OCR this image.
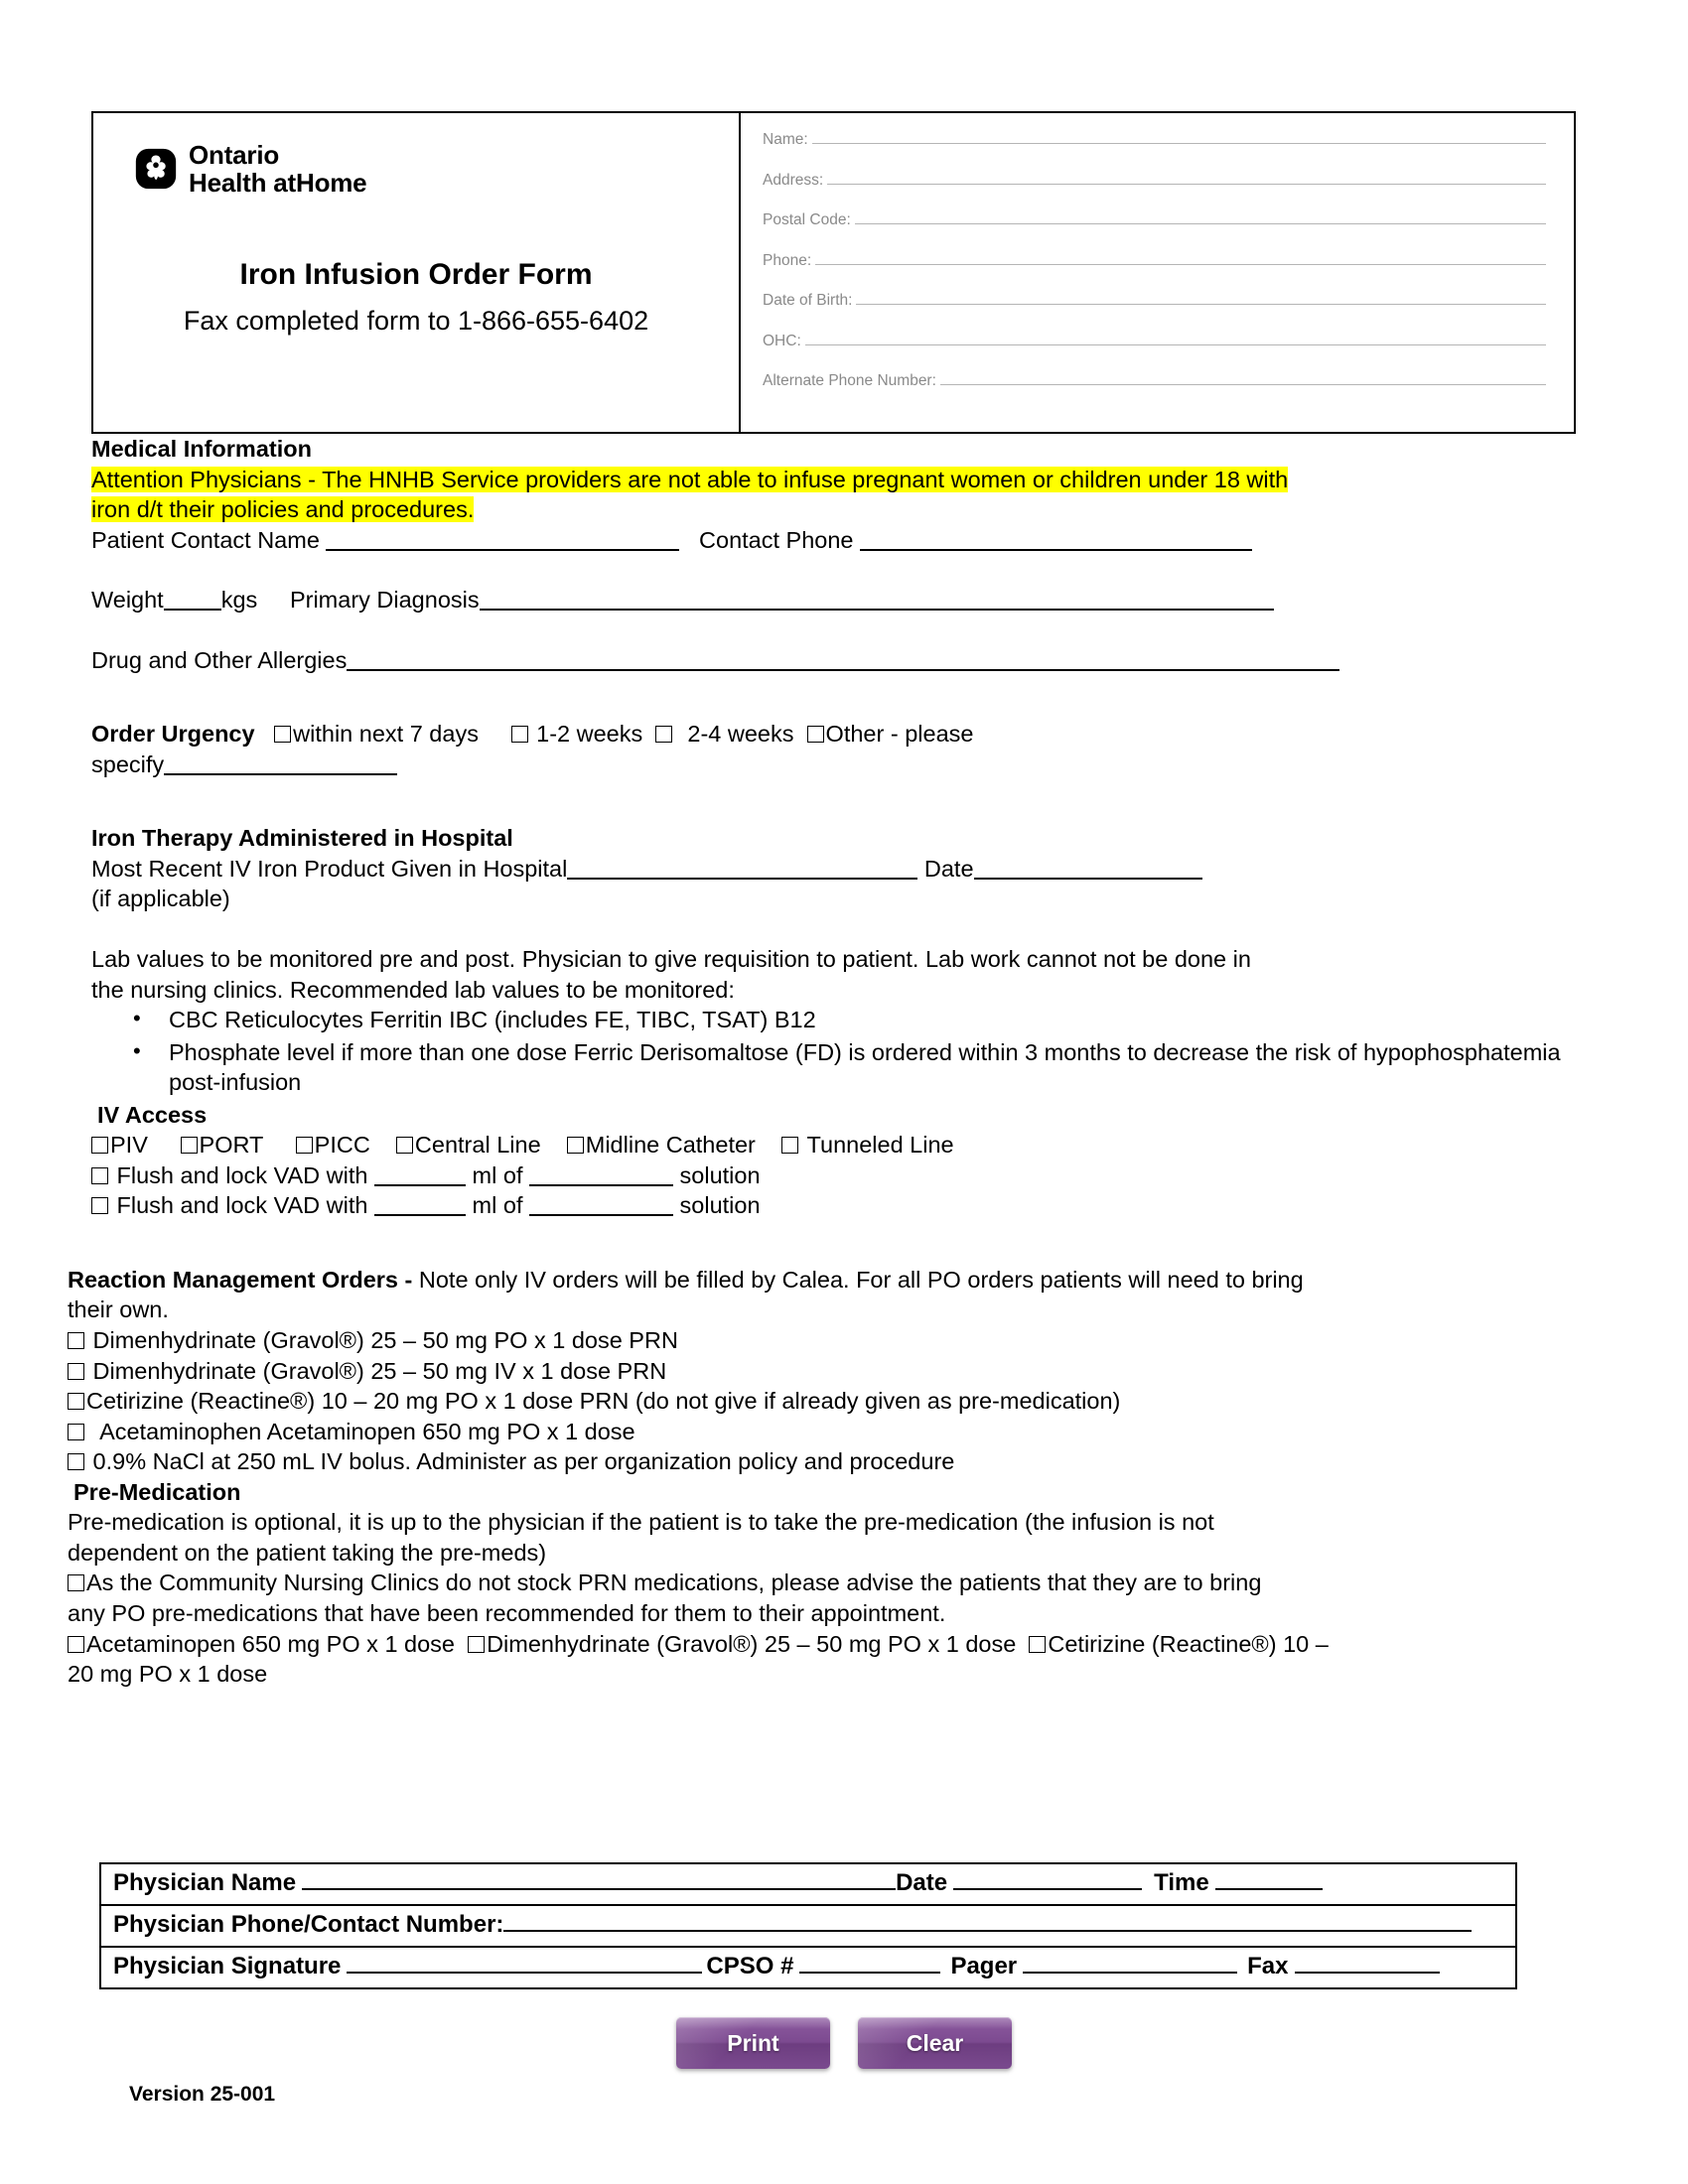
Ontario
Health atHome
Iron Infusion Order Form
Fax completed form to 1-866-655-6402
Name:
Address:
Postal Code:
Phone:
Date of Birth:
OHC:
Alternate Phone Number:
Medical Information
Attention Physicians - The HNHB Service providers are not able to infuse pregnant women or children under 18 with
iron d/t their policies and procedures.
Patient Contact Name	Contact Phone
Weight kgs Primary Diagnosis
Drug and Other Allergies
Order Urgency within next 7 days 1-2 weeks 2-4 weeks Other - please
specify
Iron Therapy Administered in Hospital
Most Recent IV Iron Product Given in Hospital	Date
(if applicable)
Lab values to be monitored pre and post. Physician to give requisition to patient. Lab work cannot not be done in
the nursing clinics. Recommended lab values to be monitored:
• CBC Reticulocytes Ferritin IBC (includes FE, TIBC, TSAT) B12
• Phosphate level if more than one dose Ferric Derisomaltose (FD) is ordered within 3 months to decrease the risk of hypophosphatemia post-infusion
IV Access
PIV PORT PICC Central Line Midline Catheter Tunneled Line
Flush and lock VAD with	ml of	solution
Flush and lock VAD with	ml of	solution
Reaction Management Orders - Note only IV orders will be filled by Calea. For all PO orders patients will need to bring
their own.
Dimenhydrinate (Gravol®) 25 – 50 mg PO x 1 dose PRN
Dimenhydrinate (Gravol®) 25 – 50 mg IV x 1 dose PRN
Cetirizine (Reactine®) 10 – 20 mg PO x 1 dose PRN (do not give if already given as pre-medication)
Acetaminophen Acetaminopen 650 mg PO x 1 dose
0.9% NaCl at 250 mL IV bolus. Administer as per organization policy and procedure
Pre-Medication
Pre-medication is optional, it is up to the physician if the patient is to take the pre-medication (the infusion is not
dependent on the patient taking the pre-meds)
As the Community Nursing Clinics do not stock PRN medications, please advise the patients that they are to bring
any PO pre-medications that have been recommended for them to their appointment.
Acetaminopen 650 mg PO x 1 dose Dimenhydrinate (Gravol®) 25 – 50 mg PO x 1 dose Cetirizine (Reactine®) 10 –
20 mg PO x 1 dose
Physician Name	Date	Time
Physician Phone/Contact Number:
Physician Signature	CPSO #	Pager	Fax
Print	Clear
Version 25-001
